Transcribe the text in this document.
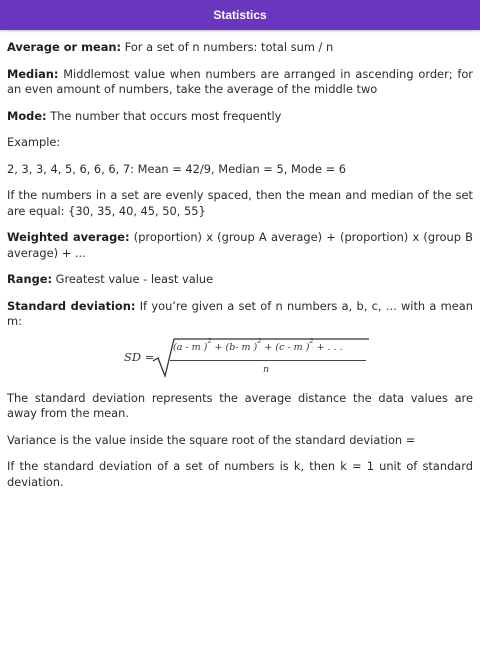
Statistics

Average or mean: For a set of n numbers: total sum / n

Median: Middlemost value when numbers are arranged in ascending order; for an even amount of numbers, take the average of the middle two

Mode: The number that occurs most frequently

Example:

2, 3, 3, 4, 5, 6, 6, 6, 7: Mean = 42/9, Median = 5, Mode = 6

If the numbers in a set are evenly spaced, then the mean and median of the set are equal: {30, 35, 40, 45, 50, 55}

Weighted average: (proportion) x (group A average) + (proportion) x (group B average) + ...

Range: Greatest value - least value

Standard deviation: If you’re given a set of n numbers a, b, c, ... with a mean m:

SD =
(a - m )$^2$ + (b- m )$^2$ + (c - m )$^2$ + . . .
n

The standard deviation represents the average distance the data values are away from the mean.

Variance is the value inside the square root of the standard deviation =

If the standard deviation of a set of numbers is k, then k = 1 unit of standard deviation.
